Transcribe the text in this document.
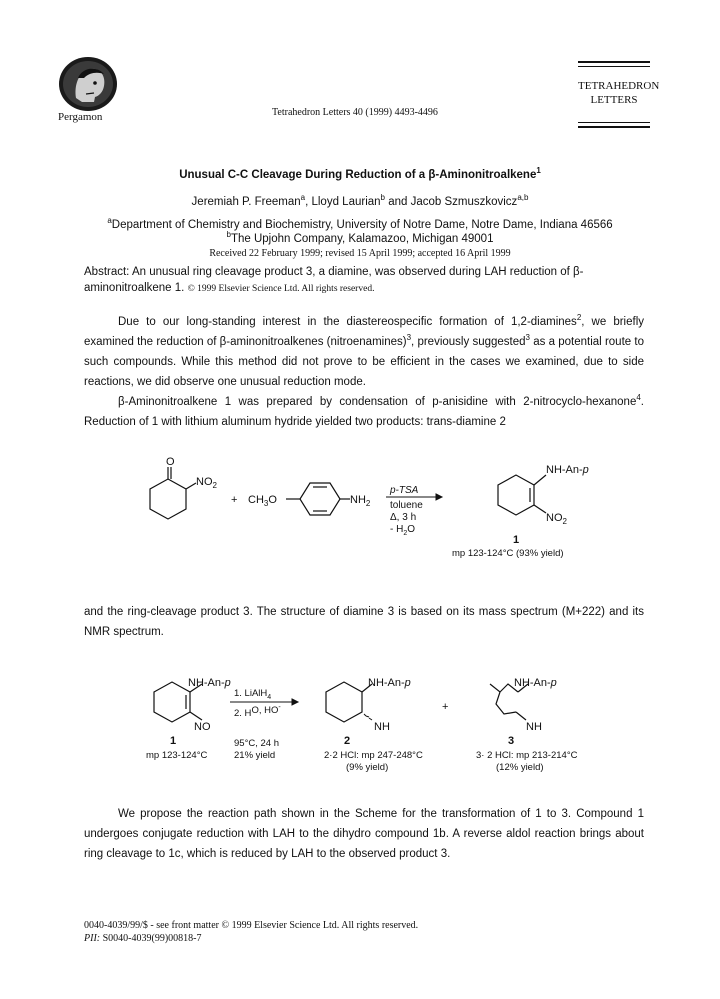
Pergamon	Tetrahedron Letters 40 (1999) 4493-4496
TETRAHEDRON
LETTERS
Unusual C-C Cleavage During Reduction of a β-Aminonitroalkene$^1$
Jeremiah P. Freeman$^a$, Lloyd Laurian$^b$ and Jacob Szmuszkovicz$^{a,b}$
$^a$Department of Chemistry and Biochemistry, University of Notre Dame, Notre Dame, Indiana 46566
$^b$The Upjohn Company, Kalamazoo, Michigan 49001
Received 22 February 1999; revised 15 April 1999; accepted 16 April 1999
Abstract: An unusual ring cleavage product 3, a diamine, was observed during LAH reduction of β-aminonitroalkene 1. © 1999 Elsevier Science Ltd. All rights reserved.

Due to our long-standing interest in the diastereospecific formation of 1,2-diamines$^2$, we briefly examined the reduction of β-aminonitroalkenes (nitroenamines)$^3$, previously suggested$^3$ as a potential route to such compounds. While this method did not prove to be efficient in the cases we examined, due to side reactions, we did observe one unusual reduction mode.

β-Aminonitroalkene 1 was prepared by condensation of p-anisidine with 2-nitrocyclo-hexanone$^4$. Reduction of 1 with lithium aluminum hydride yielded two products: trans-diamine 2

O
$NO_2$
+ $CH_3O$	$NH_2$
p-TSA
toluene
Δ, 3 h
- $H_2O$
NH-An-p
$NO_2$
1
mp 123-124°C (93% yield)
and the ring-cleavage product 3. The structure of diamine 3 is based on its mass spectrum (M+222) and its NMR spectrum.
NH-An-p
NO
1
mp 123-124°C
1. LiAlH$_4$
2. HO, HO-
95°C, 24 h
21% yield
NH-An-p
NH
2
2·2 HCl: mp 247-248°C
(9% yield)
+
NH-An-p
NH
3
3· 2 HCl: mp 213-214°C
(12% yield)

We propose the reaction path shown in the Scheme for the transformation of 1 to 3. Compound 1 undergoes conjugate reduction with LAH to the dihydro compound 1b. A reverse aldol reaction brings about ring cleavage to 1c, which is reduced by LAH to the observed product 3.

0040-4039/99/$ - see front matter © 1999 Elsevier Science Ltd. All rights reserved.
PII: S0040-4039(99)00818-7
